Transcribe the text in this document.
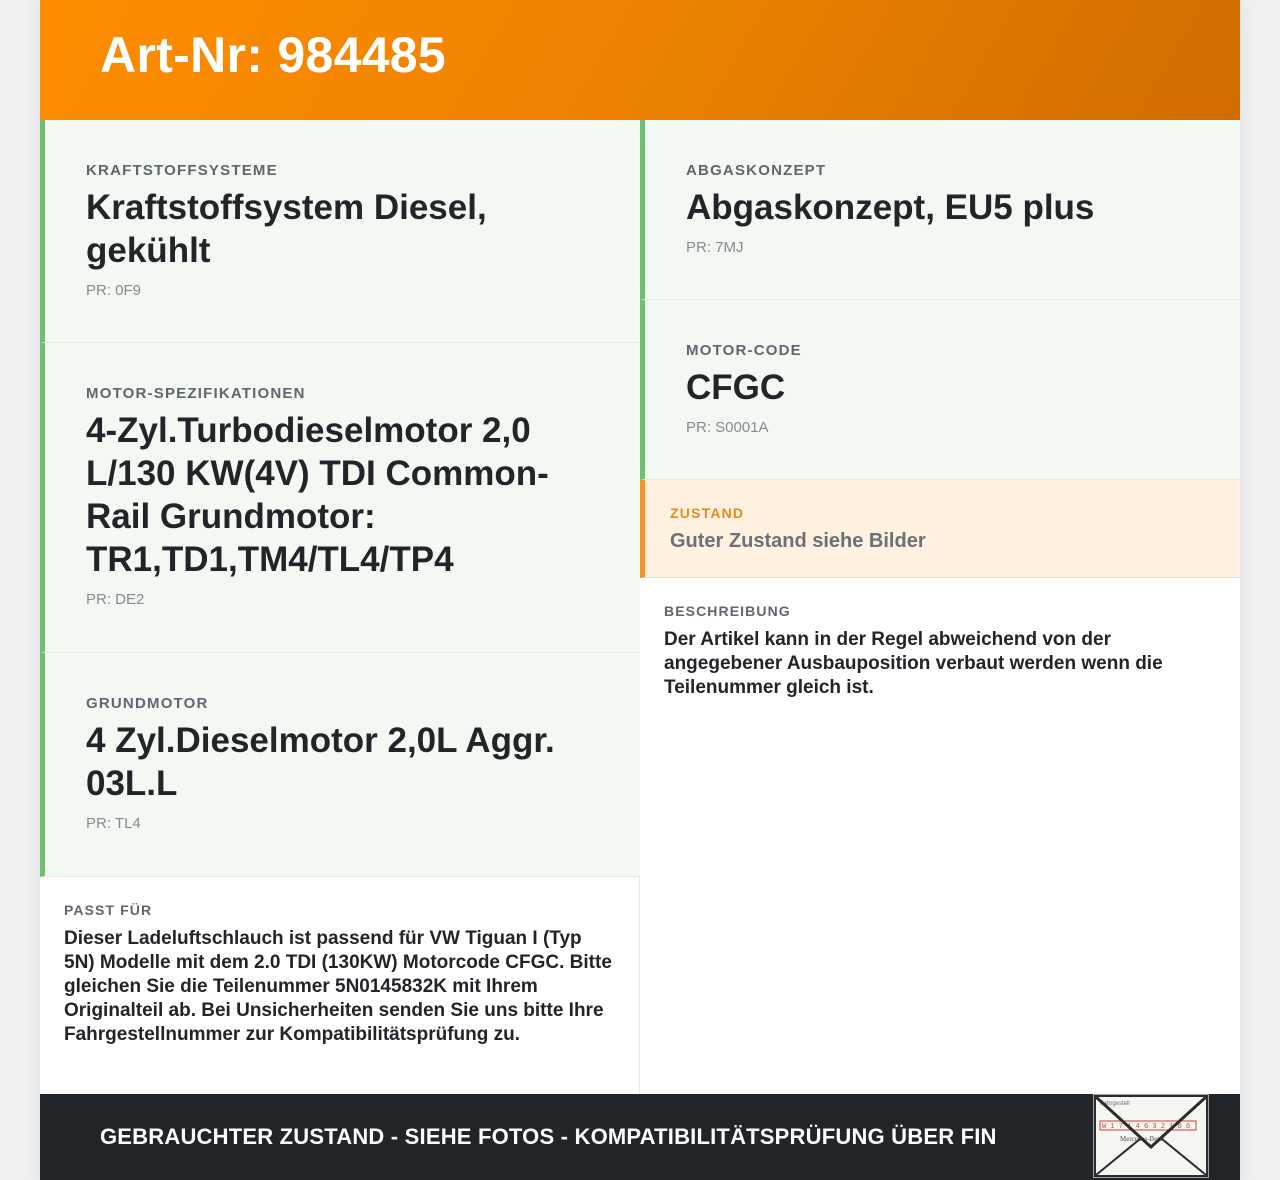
Art-Nr: 984485

KRAFTSTOFFSYSTEME

Kraftstoffsystem Diesel, gekühlt

PR: 0F9

MOTOR-SPEZIFIKATIONEN

4-Zyl.Turbodieselmotor 2,0 L/130 KW(4V) TDI Common-Rail Grundmotor: TR1,TD1,TM4/TL4/TP4

PR: DE2

GRUNDMOTOR

4 Zyl.Dieselmotor 2,0L Aggr. 03L.L

PR: TL4

PASST FÜR

Dieser Ladeluftschlauch ist passend für VW Tiguan I (Typ 5N) Modelle mit dem 2.0 TDI (130KW) Motorcode CFGC. Bitte gleichen Sie die Teilenummer 5N0145832K mit Ihrem Originalteil ab. Bei Unsicherheiten senden Sie uns bitte Ihre Fahrgestellnummer zur Kompatibilitätsprüfung zu.

ABGASKONZEPT

Abgaskonzept, EU5 plus

PR: 7MJ

MOTOR-CODE

CFGC

PR: S0001A

ZUSTAND

Guter Zustand siehe Bilder

BESCHREIBUNG

Der Artikel kann in der Regel abweichend von der angegebener Ausbauposition verbaut werden wenn die Teilenummer gleich ist.

GEBRAUCHTER ZUSTAND - SIEHE FOTOS - KOMPATIBILITÄTSPRÜFUNG ÜBER FIN

Fahrgestell
W 1 7 1 4 6 3 2 1 8 6
Mercedes-Benz
